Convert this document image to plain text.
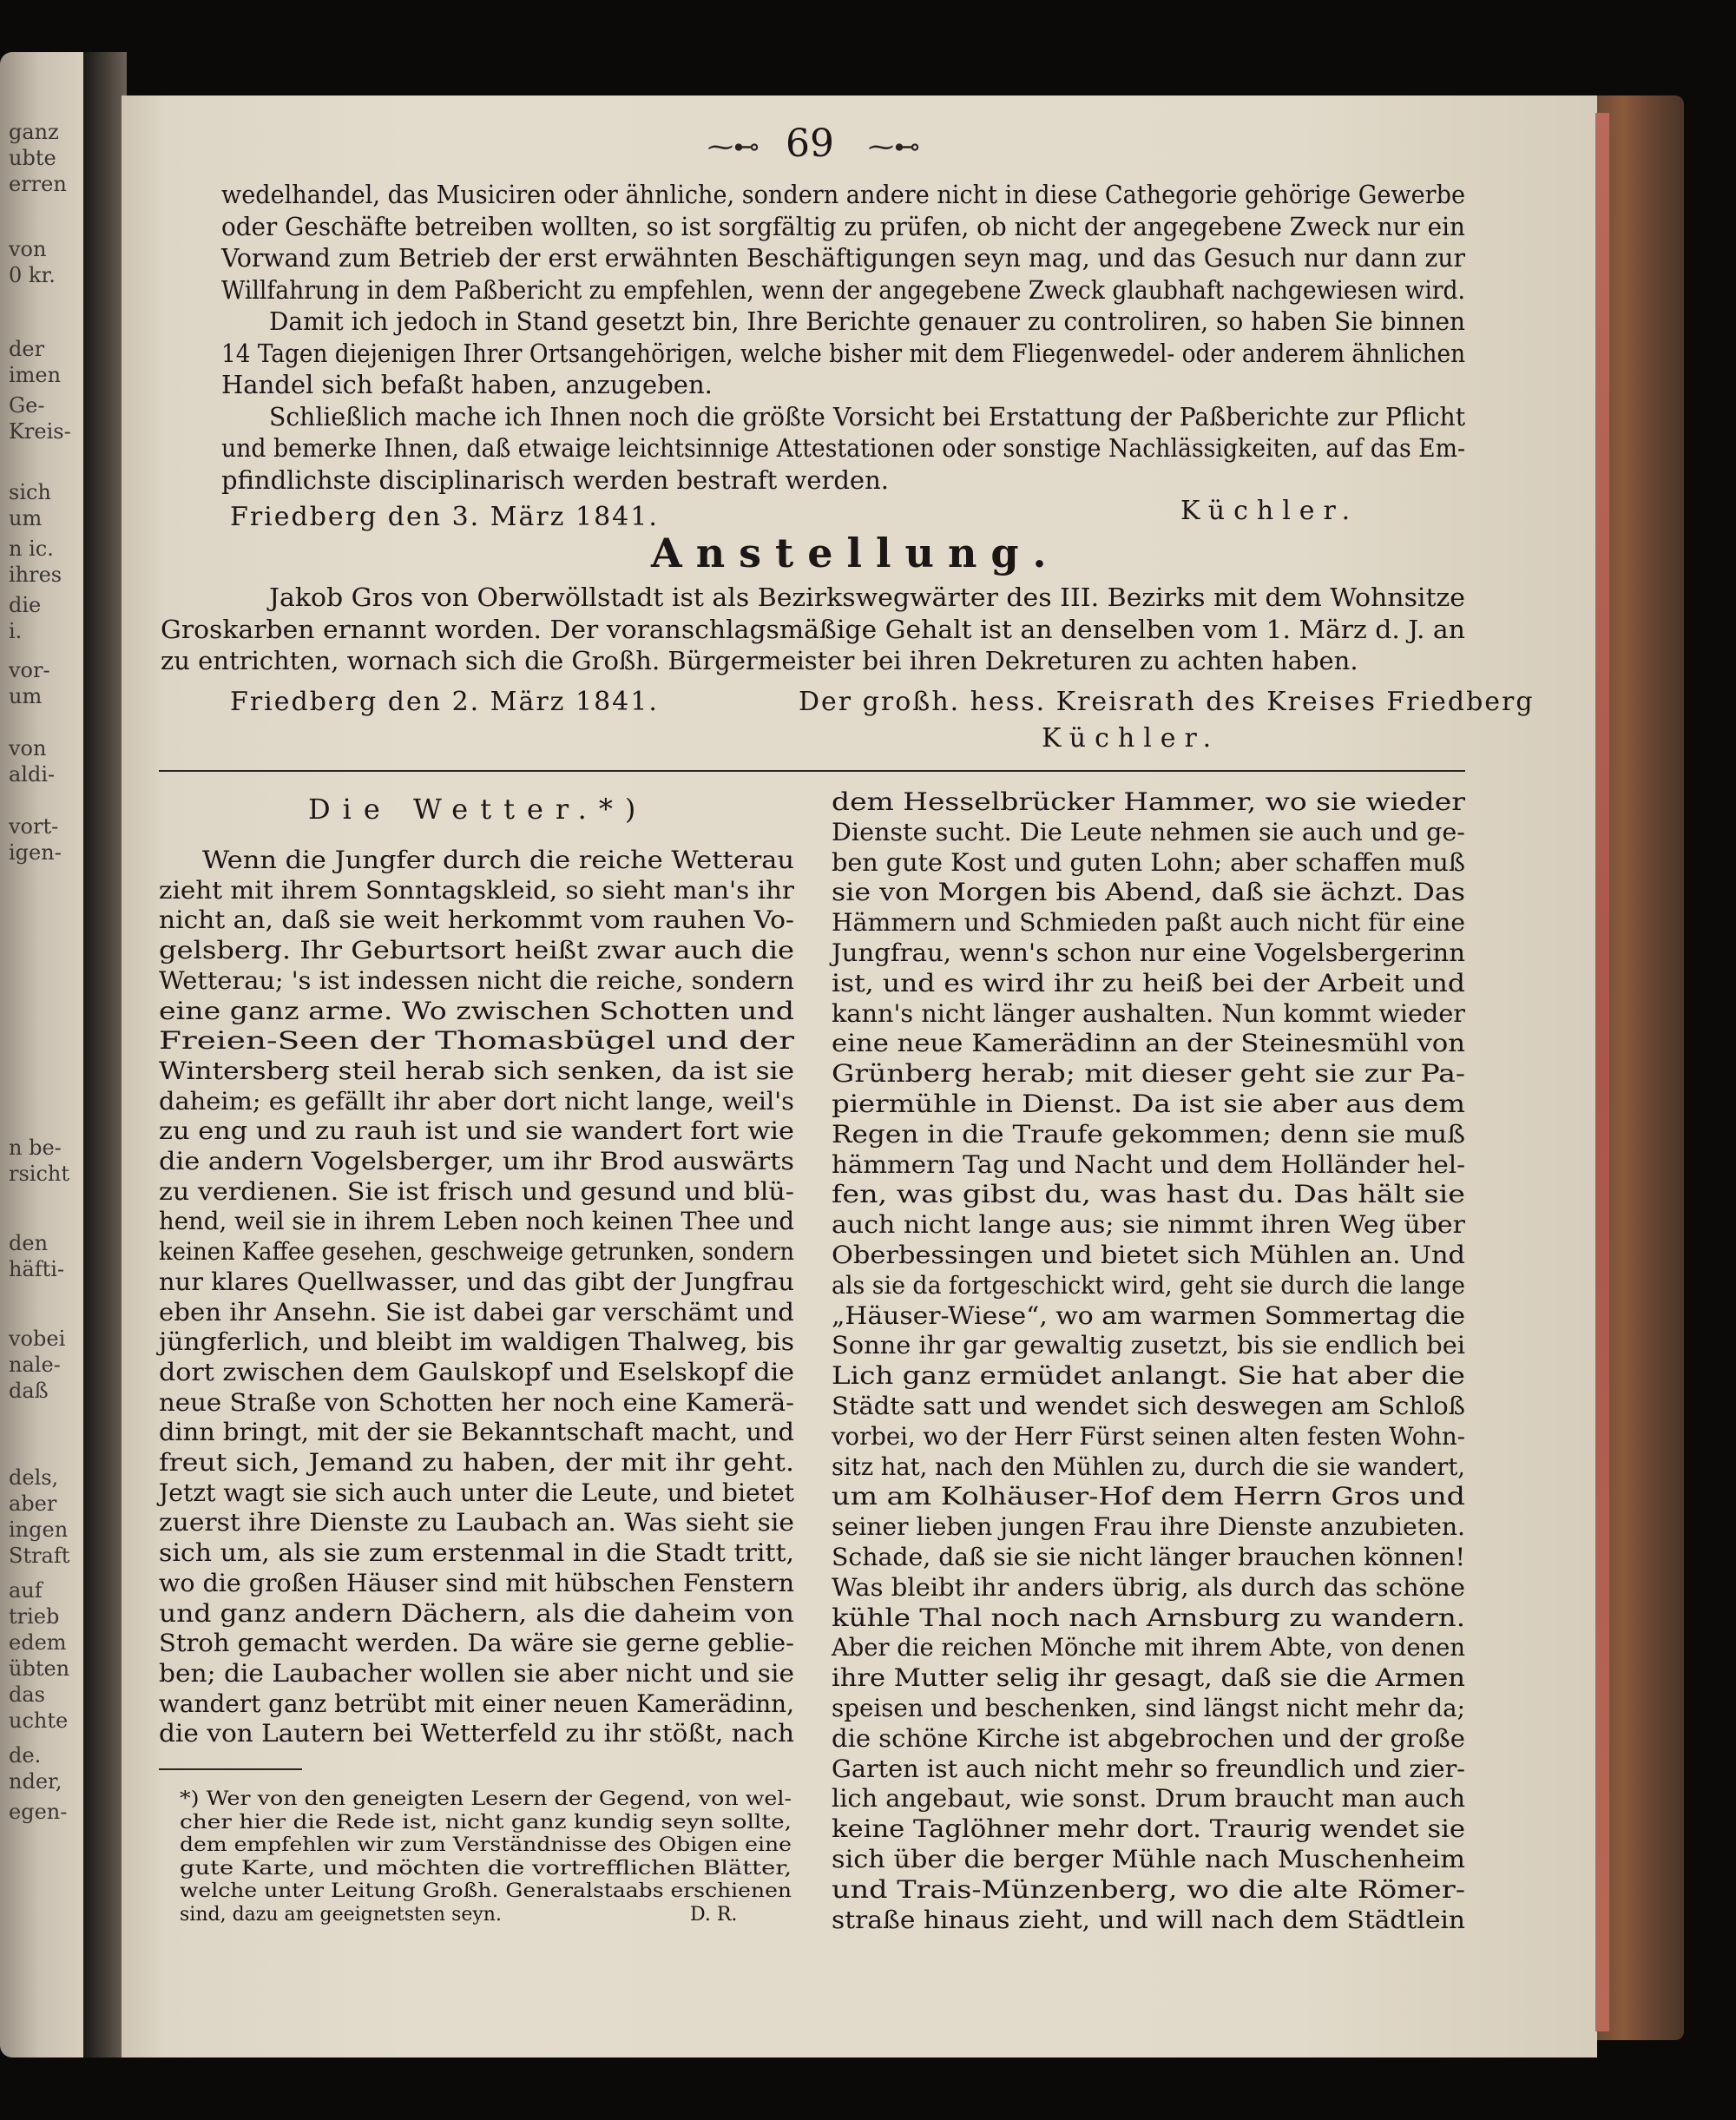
ganz
ubte
erren
von
0 kr.
der
imen
Ge-
Kreis-
sich
um
n ic.
ihres
die
i.
vor-
um
von
aldi-
vort-
igen-
n be-
rsicht
den
häfti-
vobei
nale-
daß
dels,
aber
ingen
Straft
auf
trieb
edem
übten
das
uchte
de.
nder,
egen-
⁓⊷ 69 ⁓⊷
wedelhandel, das Musiciren oder ähnliche, sondern andere nicht in diese Cathegorie gehörige Gewerbe
oder Geschäfte betreiben wollten, so ist sorgfältig zu prüfen, ob nicht der angegebene Zweck nur ein
Vorwand zum Betrieb der erst erwähnten Beschäftigungen seyn mag, und das Gesuch nur dann zur
Willfahrung in dem Paßbericht zu empfehlen, wenn der angegebene Zweck glaubhaft nachgewiesen wird.
Damit ich jedoch in Stand gesetzt bin, Ihre Berichte genauer zu controliren, so haben Sie binnen
14 Tagen diejenigen Ihrer Ortsangehörigen, welche bisher mit dem Fliegenwedel- oder anderem ähnlichen
Handel sich befaßt haben, anzugeben.
Schließlich mache ich Ihnen noch die größte Vorsicht bei Erstattung der Paßberichte zur Pflicht
und bemerke Ihnen, daß etwaige leichtsinnige Attestationen oder sonstige Nachlässigkeiten, auf das Em-
pfindlichste disciplinarisch werden bestraft werden.
Friedberg den 3. März 1841.	Küchler.
Anstellung.
Jakob Gros von Oberwöllstadt ist als Bezirkswegwärter des III. Bezirks mit dem Wohnsitze
Groskarben ernannt worden. Der voranschlagsmäßige Gehalt ist an denselben vom 1. März d. J. an
zu entrichten, wornach sich die Großh. Bürgermeister bei ihren Dekreturen zu achten haben.
Friedberg den 2. März 1841.	Der großh. hess. Kreisrath des Kreises Friedberg
Küchler.
Die Wetter.*)
Wenn die Jungfer durch die reiche Wetterau
zieht mit ihrem Sonntagskleid, so sieht man's ihr
nicht an, daß sie weit herkommt vom rauhen Vo-
gelsberg. Ihr Geburtsort heißt zwar auch die
Wetterau; 's ist indessen nicht die reiche, sondern
eine ganz arme. Wo zwischen Schotten und
Freien-Seen der Thomasbügel und der
Wintersberg steil herab sich senken, da ist sie
daheim; es gefällt ihr aber dort nicht lange, weil's
zu eng und zu rauh ist und sie wandert fort wie
die andern Vogelsberger, um ihr Brod auswärts
zu verdienen. Sie ist frisch und gesund und blü-
hend, weil sie in ihrem Leben noch keinen Thee und
keinen Kaffee gesehen, geschweige getrunken, sondern
nur klares Quellwasser, und das gibt der Jungfrau
eben ihr Ansehn. Sie ist dabei gar verschämt und
jüngferlich, und bleibt im waldigen Thalweg, bis
dort zwischen dem Gaulskopf und Eselskopf die
neue Straße von Schotten her noch eine Kamerä-
dinn bringt, mit der sie Bekanntschaft macht, und
freut sich, Jemand zu haben, der mit ihr geht.
Jetzt wagt sie sich auch unter die Leute, und bietet
zuerst ihre Dienste zu Laubach an. Was sieht sie
sich um, als sie zum erstenmal in die Stadt tritt,
wo die großen Häuser sind mit hübschen Fenstern
und ganz andern Dächern, als die daheim von
Stroh gemacht werden. Da wäre sie gerne geblie-
ben; die Laubacher wollen sie aber nicht und sie
wandert ganz betrübt mit einer neuen Kamerädinn,
die von Lautern bei Wetterfeld zu ihr stößt, nach
*) Wer von den geneigten Lesern der Gegend, von wel-
cher hier die Rede ist, nicht ganz kundig seyn sollte,
dem empfehlen wir zum Verständnisse des Obigen eine
gute Karte, und möchten die vortrefflichen Blätter,
welche unter Leitung Großh. Generalstaabs erschienen
sind, dazu am geeignetsten seyn.	D. R.
dem Hesselbrücker Hammer, wo sie wieder
Dienste sucht. Die Leute nehmen sie auch und ge-
ben gute Kost und guten Lohn; aber schaffen muß
sie von Morgen bis Abend, daß sie ächzt. Das
Hämmern und Schmieden paßt auch nicht für eine
Jungfrau, wenn's schon nur eine Vogelsbergerinn
ist, und es wird ihr zu heiß bei der Arbeit und
kann's nicht länger aushalten. Nun kommt wieder
eine neue Kamerädinn an der Steinesmühl von
Grünberg herab; mit dieser geht sie zur Pa-
piermühle in Dienst. Da ist sie aber aus dem
Regen in die Traufe gekommen; denn sie muß
hämmern Tag und Nacht und dem Holländer hel-
fen, was gibst du, was hast du. Das hält sie
auch nicht lange aus; sie nimmt ihren Weg über
Oberbessingen und bietet sich Mühlen an. Und
als sie da fortgeschickt wird, geht sie durch die lange
„Häuser-Wiese“, wo am warmen Sommertag die
Sonne ihr gar gewaltig zusetzt, bis sie endlich bei
Lich ganz ermüdet anlangt. Sie hat aber die
Städte satt und wendet sich deswegen am Schloß
vorbei, wo der Herr Fürst seinen alten festen Wohn-
sitz hat, nach den Mühlen zu, durch die sie wandert,
um am Kolhäuser-Hof dem Herrn Gros und
seiner lieben jungen Frau ihre Dienste anzubieten.
Schade, daß sie sie nicht länger brauchen können!
Was bleibt ihr anders übrig, als durch das schöne
kühle Thal noch nach Arnsburg zu wandern.
Aber die reichen Mönche mit ihrem Abte, von denen
ihre Mutter selig ihr gesagt, daß sie die Armen
speisen und beschenken, sind längst nicht mehr da;
die schöne Kirche ist abgebrochen und der große
Garten ist auch nicht mehr so freundlich und zier-
lich angebaut, wie sonst. Drum braucht man auch
keine Taglöhner mehr dort. Traurig wendet sie
sich über die berger Mühle nach Muschenheim
und Trais-Münzenberg, wo die alte Römer-
straße hinaus zieht, und will nach dem Städtlein
